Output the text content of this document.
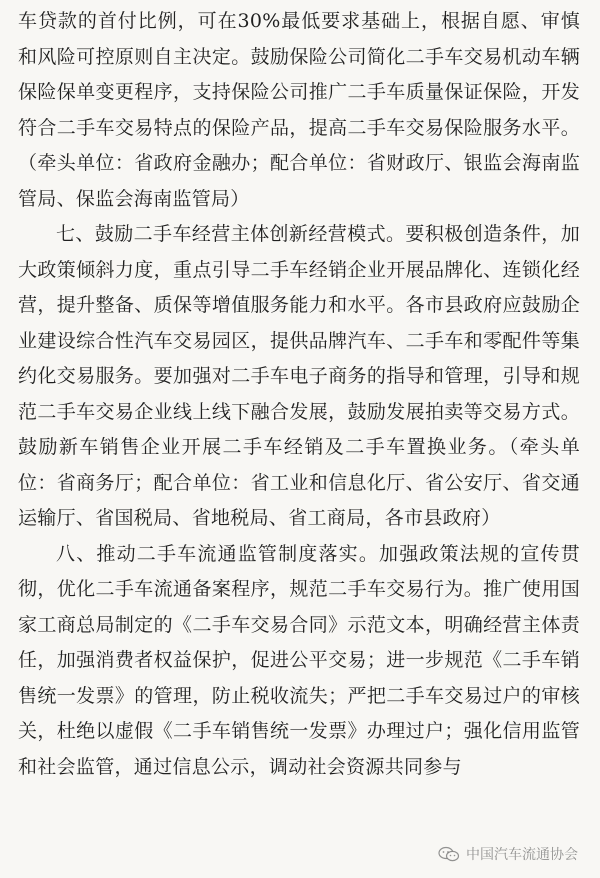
车贷款的首付比例，可在30%最低要求基础上，根据自愿、审慎和风险可控原则自主决定。鼓励保险公司简化二手车交易机动车辆保险保单变更程序，支持保险公司推广二手车质量保证保险，开发符合二手车交易特点的保险产品，提高二手车交易保险服务水平。（牵头单位：省政府金融办；配合单位：省财政厅、银监会海南监管局、保监会海南监管局）

七、鼓励二手车经营主体创新经营模式。要积极创造条件，加大政策倾斜力度，重点引导二手车经销企业开展品牌化、连锁化经营，提升整备、质保等增值服务能力和水平。各市县政府应鼓励企业建设综合性汽车交易园区，提供品牌汽车、二手车和零配件等集约化交易服务。要加强对二手车电子商务的指导和管理，引导和规范二手车交易企业线上线下融合发展，鼓励发展拍卖等交易方式。鼓励新车销售企业开展二手车经销及二手车置换业务。（牵头单位：省商务厅；配合单位：省工业和信息化厅、省公安厅、省交通运输厅、省国税局、省地税局、省工商局，各市县政府）

八、推动二手车流通监管制度落实。加强政策法规的宣传贯彻，优化二手车流通备案程序，规范二手车交易行为。推广使用国家工商总局制定的《二手车交易合同》示范文本，明确经营主体责任，加强消费者权益保护，促进公平交易；进一步规范《二手车销售统一发票》的管理，防止税收流失；严把二手车交易过户的审核关，杜绝以虚假《二手车销售统一发票》办理过户；强化信用监管和社会监管，通过信息公示，调动社会资源共同参与

中国汽车流通协会
